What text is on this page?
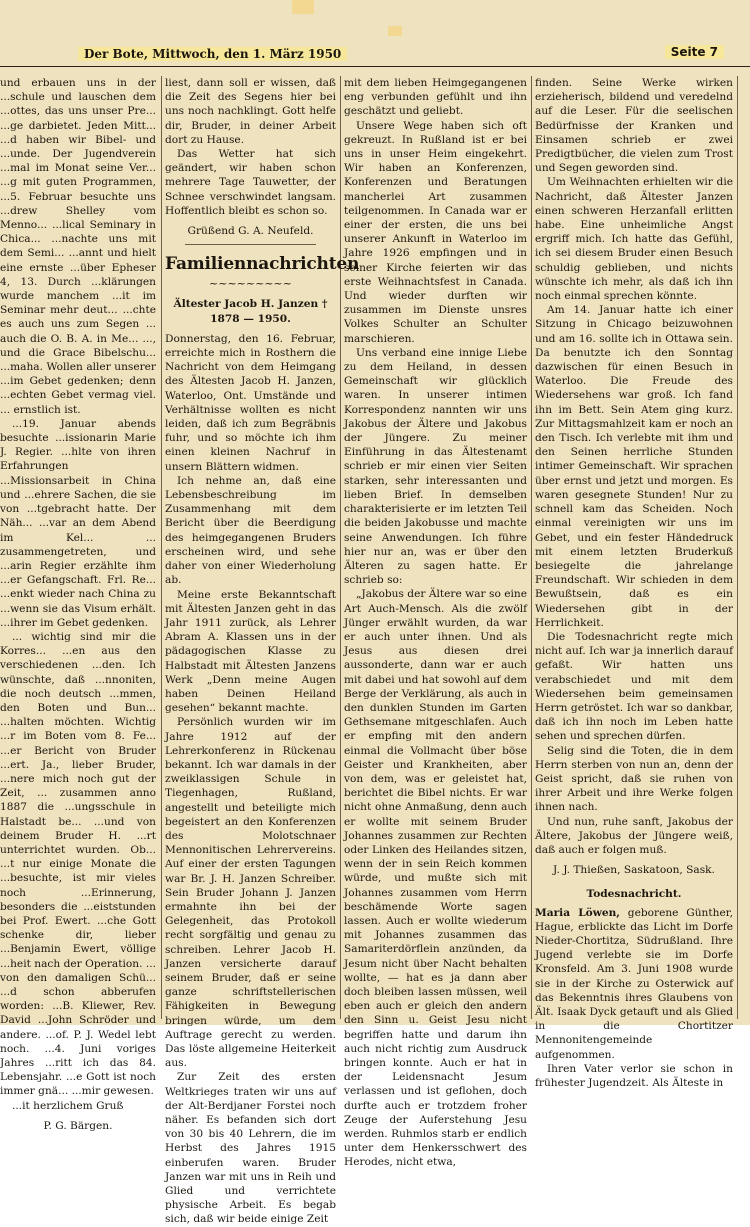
Der Bote, Mittwoch, den 1. März 1950	Seite 7

und erbauen uns in der ...schule und lauschen dem ...ottes, das uns unser Pre... ...ge darbietet. Jeden Mitt... ...d haben wir Bibel- und ...unde. Der Jugendverein ...mal im Monat seine Ver... ...g mit guten Programmen, ...5. Februar besuchte uns ...drew Shelley vom Menno... ...lical Seminary in Chica... ...nachte uns mit dem Semi... ...annt und hielt eine ernste ...über Epheser 4, 13. Durch ...klärungen wurde manchem ...it im Seminar mehr deut... ...chte es auch uns zum Segen ... auch die O. B. A. in Me... ..., und die Grace Bibelschu... ...maha. Wollen aller unserer ...im Gebet gedenken; denn ...echten Gebet vermag viel. ... ernstlich ist.

...19. Januar abends besuchte ...issionarin Marie J. Regier. ...hlte von ihren Erfahrungen ...Missionsarbeit in China und ...ehrere Sachen, die sie von ...tgebracht hatte. Der Näh... ...var an dem Abend im Kel... ... zusammengetreten, und ...arin Regier erzählte ihm ...er Gefangschaft. Frl. Re... ...enkt wieder nach China zu ...wenn sie das Visum erhält. ...ihrer im Gebet gedenken.

... wichtig sind mir die Korres... ...en aus den verschiedenen ...den. Ich wünschte, daß ...nnoniten, die noch deutsch ...mmen, den Boten und Bun... ...halten möchten. Wichtig ...r im Boten vom 8. Fe... ...er Bericht von Bruder ...ert. Ja., lieber Bruder, ...nere mich noch gut der Zeit, ... zusammen anno 1887 die ...ungsschule in Halstadt be... ...und von deinem Bruder H. ...rt unterrichtet wurden. Ob... ...t nur einige Monate die ...besuchte, ist mir vieles noch ...Erinnerung, besonders die ...eiststunden bei Prof. Ewert. ...che Gott schenke dir, lieber ...Benjamin Ewert, völlige ...heit nach der Operation. ... von den damaligen Schü... ...d schon abberufen worden: ...B. Kliewer, Rev. David ...John Schröder und andere. ...of. P. J. Wedel lebt noch. ...4. Juni voriges Jahres ...ritt ich das 84. Lebensjahr. ...e Gott ist noch immer gnä... ...mir gewesen.

...it herzlichem Gruß

P. G. Bärgen.

liest, dann soll er wissen, daß die Zeit des Segens hier bei uns noch nachklingt. Gott helfe dir, Bruder, in deiner Arbeit dort zu Hause.

Das Wetter hat sich geändert, wir haben schon mehrere Tage Tauwetter, der Schnee verschwindet langsam. Hoffentlich bleibt es schon so.

Grüßend G. A. Neufeld.
Familiennachrichten
~~~~~~~~~
Ältester Jacob H. Janzen † 1878 — 1950.

Donnerstag, den 16. Februar, erreichte mich in Rosthern die Nachricht von dem Heimgang des Ältesten Jacob H. Janzen, Waterloo, Ont. Umstände und Verhältnisse wollten es nicht leiden, daß ich zum Begräbnis fuhr, und so möchte ich ihm einen kleinen Nachruf in unsern Blättern widmen.

Ich nehme an, daß eine Lebensbeschreibung im Zusammenhang mit dem Bericht über die Beerdigung des heimgegangenen Bruders erscheinen wird, und sehe daher von einer Wiederholung ab.

Meine erste Bekanntschaft mit Ältesten Janzen geht in das Jahr 1911 zurück, als Lehrer Abram A. Klassen uns in der pädagogischen Klasse zu Halbstadt mit Ältesten Janzens Werk „Denn meine Augen haben Deinen Heiland gesehen“ bekannt machte.

Persönlich wurden wir im Jahre 1912 auf der Lehrerkonferenz in Rückenau bekannt. Ich war damals in der zweiklassigen Schule in Tiegenhagen, Rußland, angestellt und beteiligte mich begeistert an den Konferenzen des Molotschnaer Mennonitischen Lehrervereins. Auf einer der ersten Tagungen war Br. J. H. Janzen Schreiber. Sein Bruder Johann J. Janzen ermahnte ihn bei der Gelegenheit, das Protokoll recht sorgfältig und genau zu schreiben. Lehrer Jacob H. Janzen versicherte darauf seinem Bruder, daß er seine ganze schriftstellerischen Fähigkeiten in Bewegung bringen würde, um dem Auftrage gerecht zu werden. Das löste allgemeine Heiterkeit aus.

Zur Zeit des ersten Weltkrieges traten wir uns auf der Alt-Berdjaner Forstei noch näher. Es befanden sich dort von 30 bis 40 Lehrern, die im Herbst des Jahres 1915 einberufen waren. Bruder Janzen war mit uns in Reih und Glied und verrichtete physische Arbeit. Es begab sich, daß wir beide einige Zeit

mit dem lieben Heimgegangenen eng verbunden gefühlt und ihn geschätzt und geliebt.

Unsere Wege haben sich oft gekreuzt. In Rußland ist er bei uns in unser Heim eingekehrt. Wir haben an Konferenzen, Konferenzen und Beratungen mancherlei Art zusammen teilgenommen. In Canada war er einer der ersten, die uns bei unserer Ankunft in Waterloo im Jahre 1926 empfingen und in seiner Kirche feierten wir das erste Weihnachtsfest in Canada. Und wieder durften wir zusammen im Dienste unsres Volkes Schulter an Schulter marschieren.

Uns verband eine innige Liebe zu dem Heiland, in dessen Gemeinschaft wir glücklich waren. In unserer intimen Korrespondenz nannten wir uns Jakobus der Ältere und Jakobus der Jüngere. Zu meiner Einführung in das Ältestenamt schrieb er mir einen vier Seiten starken, sehr interessanten und lieben Brief. In demselben charakterisierte er im letzten Teil die beiden Jakobusse und machte seine Anwendungen. Ich führe hier nur an, was er über den Älteren zu sagen hatte. Er schrieb so:

„Jakobus der Ältere war so eine Art Auch-Mensch. Als die zwölf Jünger erwählt wurden, da war er auch unter ihnen. Und als Jesus aus diesen drei aussonderte, dann war er auch mit dabei und hat sowohl auf dem Berge der Verklärung, als auch in den dunklen Stunden im Garten Gethsemane mitgeschlafen. Auch er empfing mit den andern einmal die Vollmacht über böse Geister und Krankheiten, aber von dem, was er geleistet hat, berichtet die Bibel nichts. Er war nicht ohne Anmaßung, denn auch er wollte mit seinem Bruder Johannes zusammen zur Rechten oder Linken des Heilandes sitzen, wenn der in sein Reich kommen würde, und mußte sich mit Johannes zusammen vom Herrn beschämende Worte sagen lassen. Auch er wollte wiederum mit Johannes zusammen das Samariterdörflein anzünden, da Jesum nicht über Nacht behalten wollte, — hat es ja dann aber doch bleiben lassen müssen, weil eben auch er gleich den andern den Sinn u. Geist Jesu nicht begriffen hatte und darum ihn auch nicht richtig zum Ausdruck bringen konnte. Auch er hat in der Leidensnacht Jesum verlassen und ist geflohen, doch durfte auch er trotzdem froher Zeuge der Auferstehung Jesu werden. Ruhmlos starb er endlich unter dem Henkersschwert des Herodes, nicht etwa,

finden. Seine Werke wirken erzieherisch, bildend und veredelnd auf die Leser. Für die seelischen Bedürfnisse der Kranken und Einsamen schrieb er zwei Predigtbücher, die vielen zum Trost und Segen geworden sind.

Um Weihnachten erhielten wir die Nachricht, daß Ältester Janzen einen schweren Herzanfall erlitten habe. Eine unheimliche Angst ergriff mich. Ich hatte das Gefühl, ich sei diesem Bruder einen Besuch schuldig geblieben, und nichts wünschte ich mehr, als daß ich ihn noch einmal sprechen könnte.

Am 14. Januar hatte ich einer Sitzung in Chicago beizuwohnen und am 16. sollte ich in Ottawa sein. Da benutzte ich den Sonntag dazwischen für einen Besuch in Waterloo. Die Freude des Wiedersehens war groß. Ich fand ihn im Bett. Sein Atem ging kurz. Zur Mittagsmahlzeit kam er noch an den Tisch. Ich verlebte mit ihm und den Seinen herrliche Stunden intimer Gemeinschaft. Wir sprachen über ernst und jetzt und morgen. Es waren gesegnete Stunden! Nur zu schnell kam das Scheiden. Noch einmal vereinigten wir uns im Gebet, und ein fester Händedruck mit einem letzten Bruderkuß besiegelte die jahrelange Freundschaft. Wir schieden in dem Bewußtsein, daß es ein Wiedersehen gibt in der Herrlichkeit.

Die Todesnachricht regte mich nicht auf. Ich war ja innerlich darauf gefaßt. Wir hatten uns verabschiedet und mit dem Wiedersehen beim gemeinsamen Herrn getröstet. Ich war so dankbar, daß ich ihn noch im Leben hatte sehen und sprechen dürfen.

Selig sind die Toten, die in dem Herrn sterben von nun an, denn der Geist spricht, daß sie ruhen von ihrer Arbeit und ihre Werke folgen ihnen nach.

Und nun, ruhe sanft, Jakobus der Ältere, Jakobus der Jüngere weiß, daß auch er folgen muß.

J. J. Thießen, Saskatoon, Sask.
Todesnachricht.

Maria Löwen, geborene Günther, Hague, erblickte das Licht im Dorfe Nieder-Chortitza, Südrußland. Ihre Jugend verlebte sie im Dorfe Kronsfeld. Am 3. Juni 1908 wurde sie in der Kirche zu Osterwick auf das Bekenntnis ihres Glaubens von Ält. Isaak Dyck getauft und als Glied in die Chortitzer Mennonitengemeinde aufgenommen.

Ihren Vater verlor sie schon in frühester Jugendzeit. Als Älteste in
